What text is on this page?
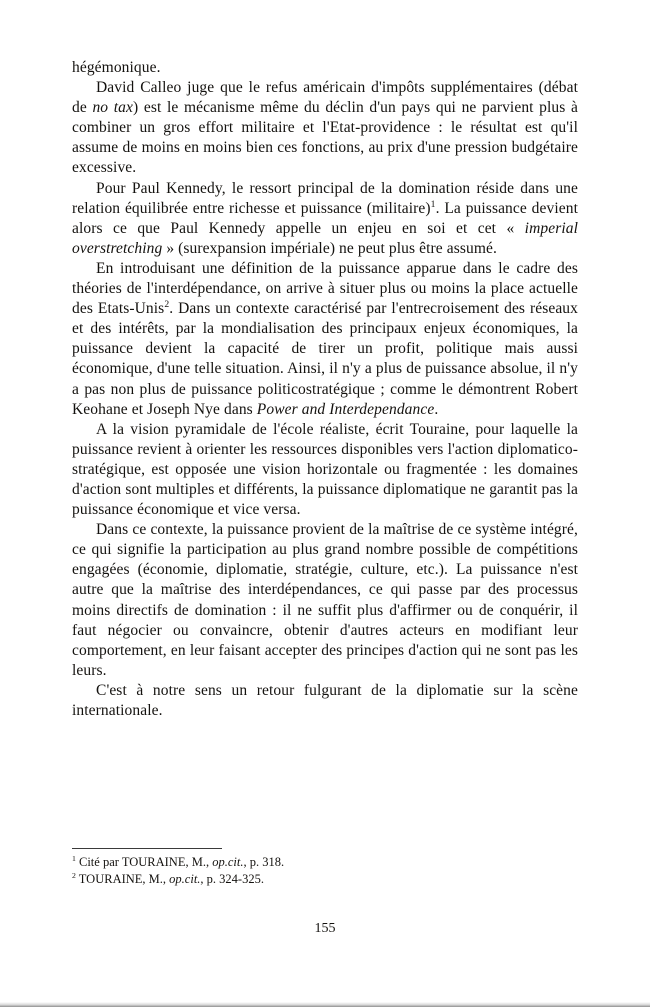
hégémonique.

David Calleo juge que le refus américain d'impôts supplémentaires (débat de no tax) est le mécanisme même du déclin d'un pays qui ne parvient plus à combiner un gros effort militaire et l'Etat-providence : le résultat est qu'il assume de moins en moins bien ces fonctions, au prix d'une pression budgétaire excessive.

Pour Paul Kennedy, le ressort principal de la domination réside dans une relation équilibrée entre richesse et puissance (militaire)$^1$. La puissance devient alors ce que Paul Kennedy appelle un enjeu en soi et cet « imperial overstretching » (surexpansion impériale) ne peut plus être assumé.

En introduisant une définition de la puissance apparue dans le cadre des théories de l'interdépendance, on arrive à situer plus ou moins la place actuelle des Etats-Unis$^2$. Dans un contexte caractérisé par l'entrecroisement des réseaux et des intérêts, par la mondialisation des principaux enjeux économiques, la puissance devient la capacité de tirer un profit, politique mais aussi économique, d'une telle situation. Ainsi, il n'y a plus de puissance absolue, il n'y a pas non plus de puissance politicostratégique ; comme le démontrent Robert Keohane et Joseph Nye dans Power and Interdependance.

A la vision pyramidale de l'école réaliste, écrit Touraine, pour laquelle la puissance revient à orienter les ressources disponibles vers l'action diplomatico-stratégique, est opposée une vision horizontale ou fragmentée : les domaines d'action sont multiples et différents, la puissance diplomatique ne garantit pas la puissance économique et vice versa.

Dans ce contexte, la puissance provient de la maîtrise de ce système intégré, ce qui signifie la participation au plus grand nombre possible de compétitions engagées (économie, diplomatie, stratégie, culture, etc.). La puissance n'est autre que la maîtrise des interdépendances, ce qui passe par des processus moins directifs de domination : il ne suffit plus d'affirmer ou de conquérir, il faut négocier ou convaincre, obtenir d'autres acteurs en modifiant leur comportement, en leur faisant accepter des principes d'action qui ne sont pas les leurs.

C'est à notre sens un retour fulgurant de la diplomatie sur la scène internationale.

$^1$ Cité par TOURAINE, M., op.cit., p. 318.

$^2$ TOURAINE, M., op.cit., p. 324-325.

155
